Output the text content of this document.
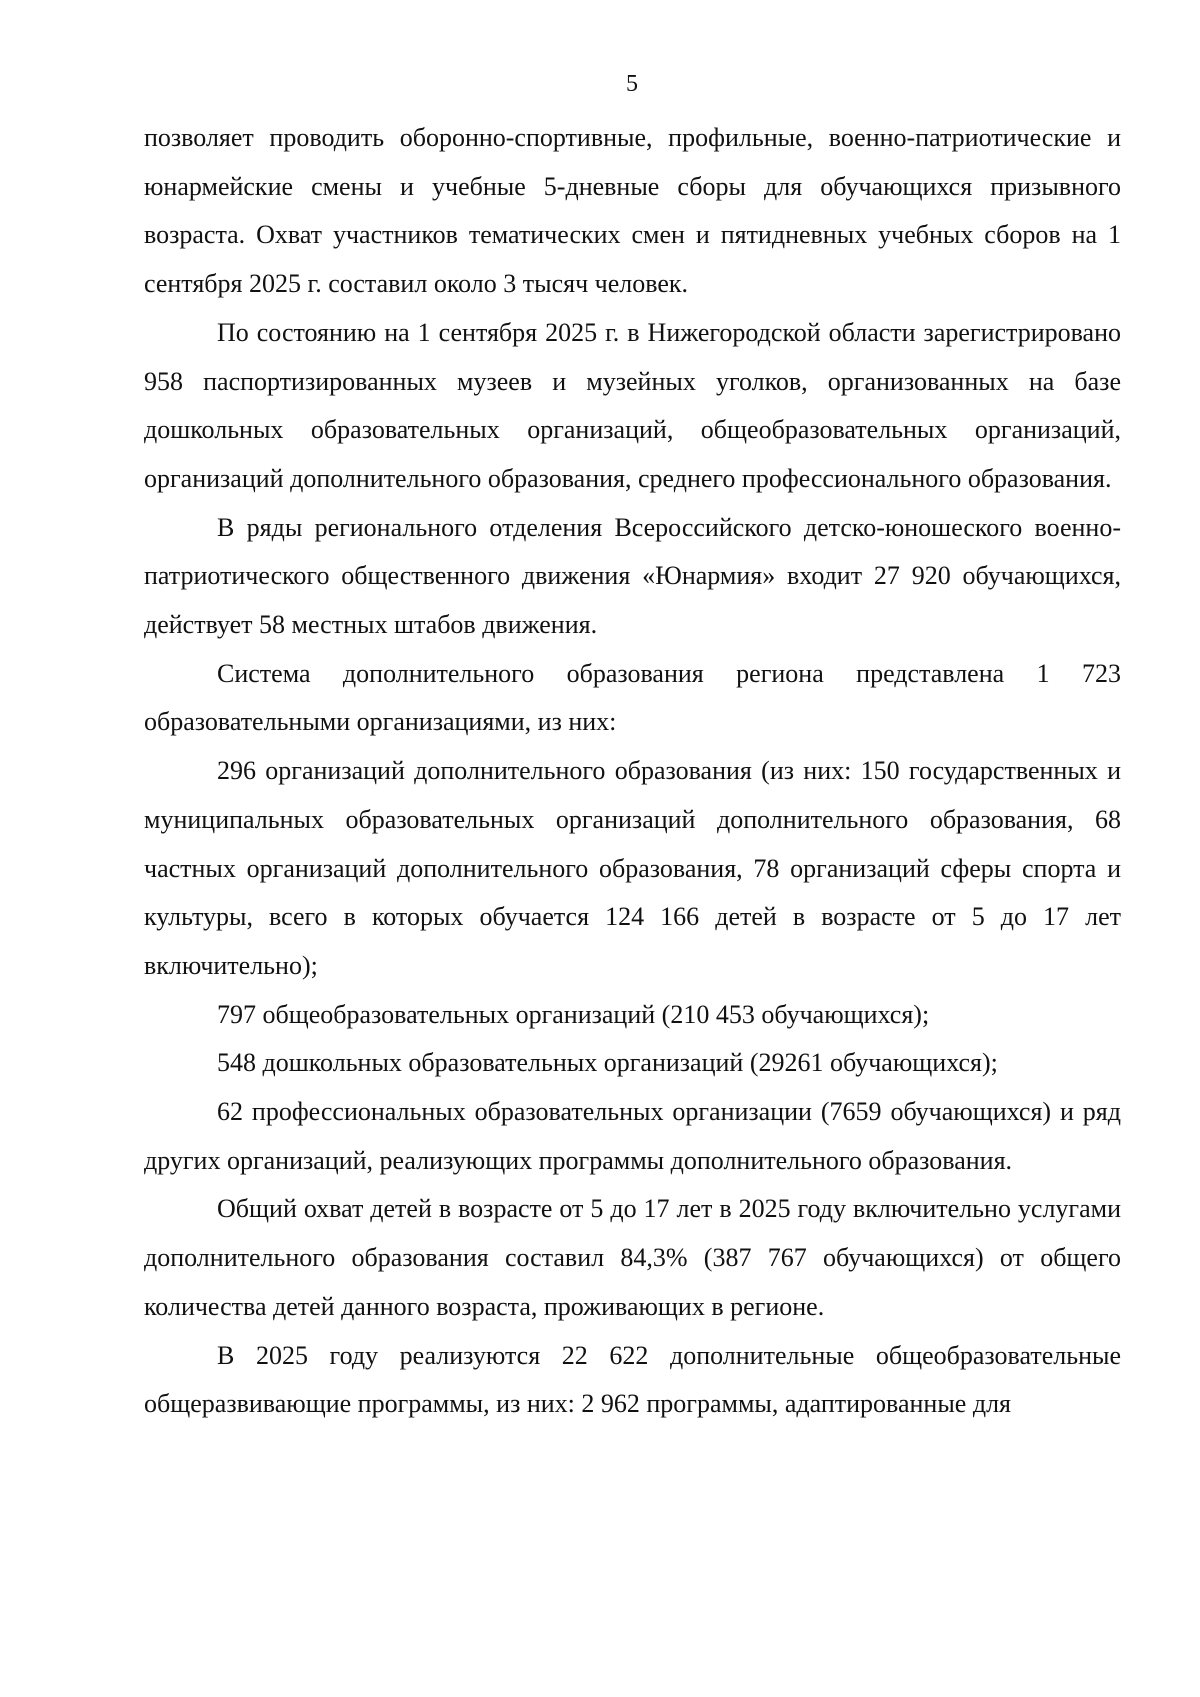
5

позволяет проводить оборонно-спортивные, профильные, военно-патриотические и юнармейские смены и учебные 5-дневные сборы для обучающихся призывного возраста. Охват участников тематических смен и пятидневных учебных сборов на 1 сентября 2025 г. составил около 3 тысяч человек.

По состоянию на 1 сентября 2025 г. в Нижегородской области зарегистрировано 958 паспортизированных музеев и музейных уголков, организованных на базе дошкольных образовательных организаций, общеобразовательных организаций, организаций дополнительного образования, среднего профессионального образования.

В ряды регионального отделения Всероссийского детско-юношеского военно-патриотического общественного движения «Юнармия» входит 27 920 обучающихся, действует 58 местных штабов движения.

Система дополнительного образования региона представлена 1 723 образовательными организациями, из них:

296 организаций дополнительного образования (из них: 150 государственных и муниципальных образовательных организаций дополнительного образования, 68 частных организаций дополнительного образования, 78 организаций сферы спорта и культуры, всего в которых обучается 124 166 детей в возрасте от 5 до 17 лет включительно);

797 общеобразовательных организаций (210 453 обучающихся);

548 дошкольных образовательных организаций (29261 обучающихся);

62 профессиональных образовательных организации (7659 обучающихся) и ряд других организаций, реализующих программы дополнительного образования.

Общий охват детей в возрасте от 5 до 17 лет в 2025 году включительно услугами дополнительного образования составил 84,3% (387 767 обучающихся) от общего количества детей данного возраста, проживающих в регионе.

В 2025 году реализуются 22 622 дополнительные общеобразовательные общеразвивающие программы, из них: 2 962 программы, адаптированные для
